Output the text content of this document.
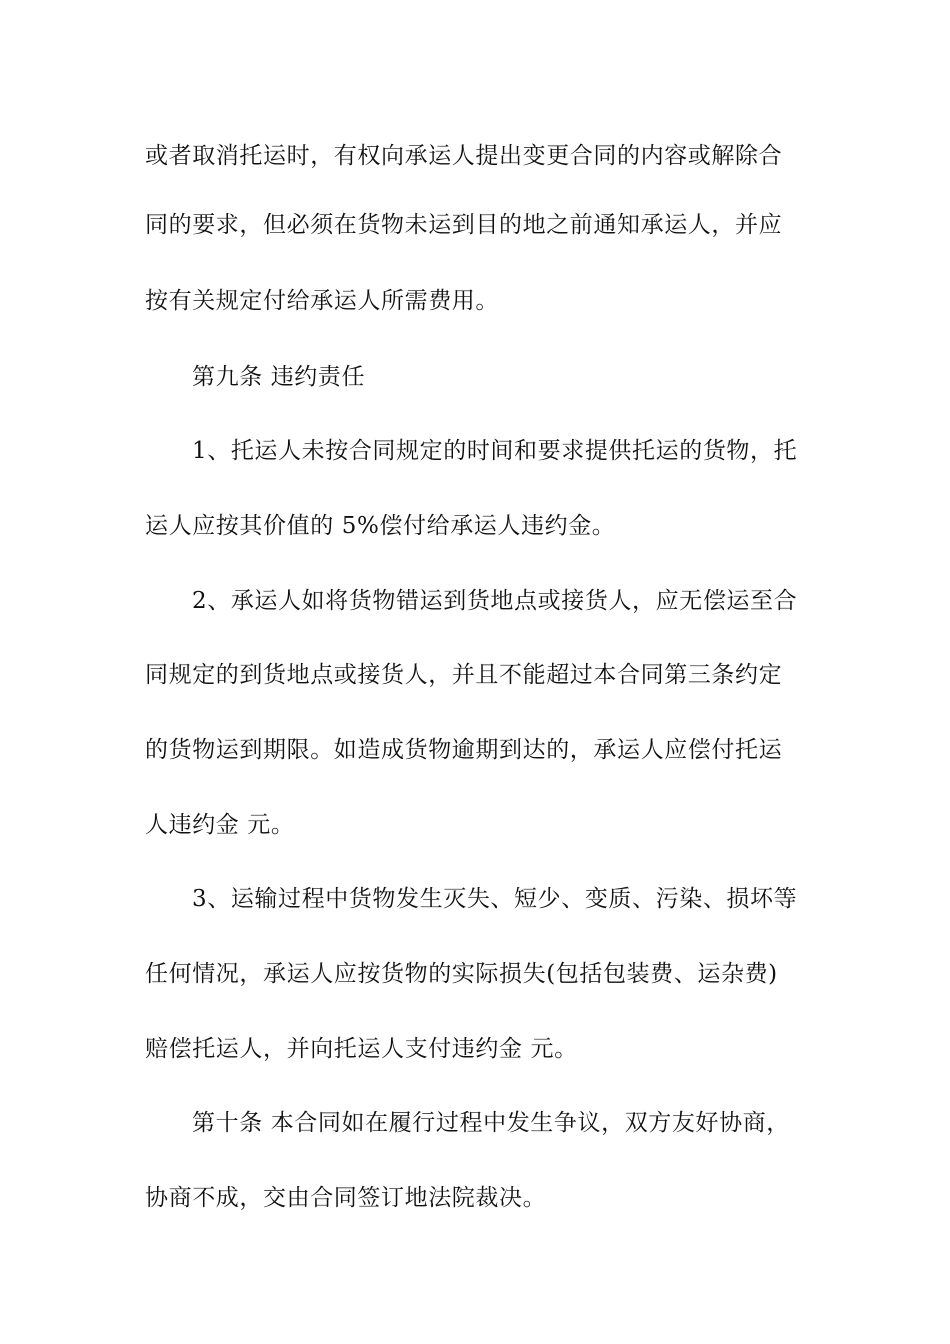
或者取消托运时，有权向承运人提出变更合同的内容或解除合
同的要求，但必须在货物未运到目的地之前通知承运人，并应
按有关规定付给承运人所需费用。
第九条 违约责任
1、托运人未按合同规定的时间和要求提供托运的货物，托
运人应按其价值的 5%偿付给承运人违约金。
2、承运人如将货物错运到货地点或接货人，应无偿运至合
同规定的到货地点或接货人，并且不能超过本合同第三条约定
的货物运到期限。如造成货物逾期到达的，承运人应偿付托运
人违约金 元。
3、运输过程中货物发生灭失、短少、变质、污染、损坏等
任何情况，承运人应按货物的实际损失(包括包装费、运杂费)
赔偿托运人，并向托运人支付违约金 元。
第十条 本合同如在履行过程中发生争议，双方友好协商，
协商不成，交由合同签订地法院裁决。
